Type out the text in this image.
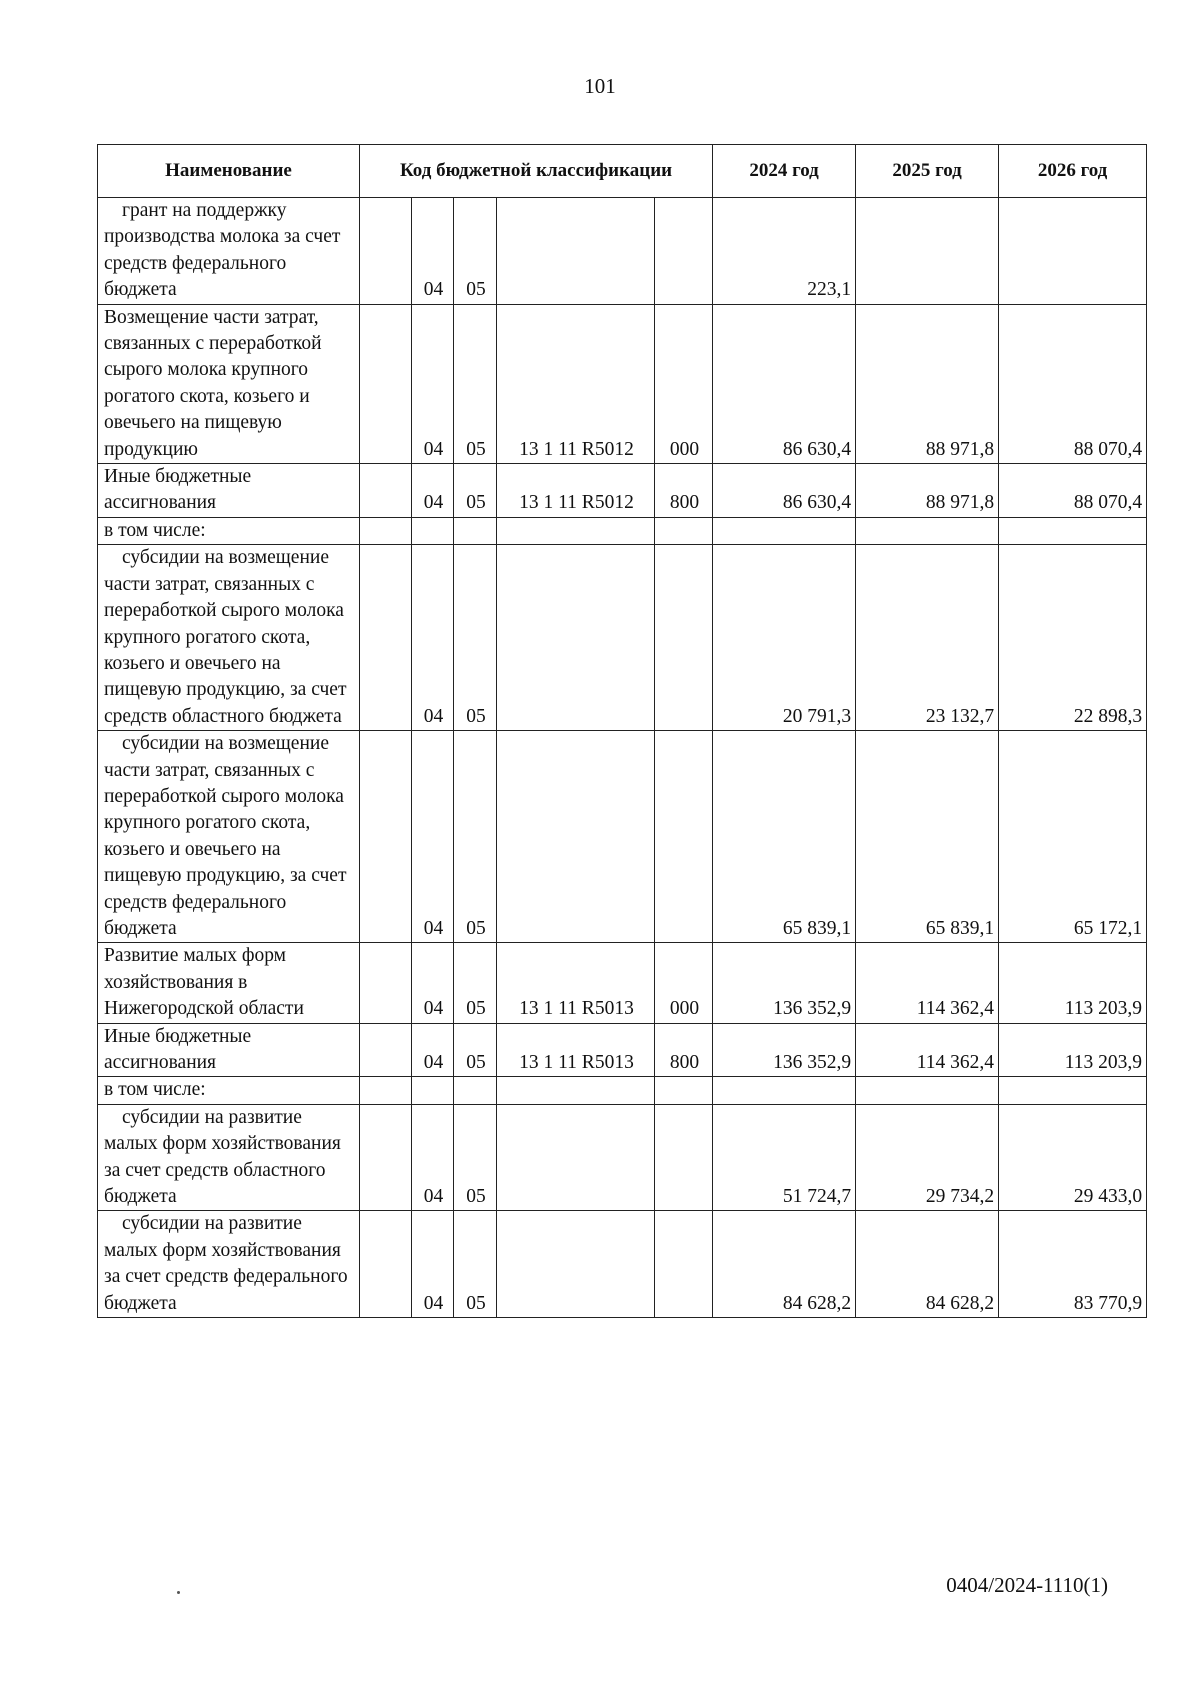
101
Наименование	Код бюджетной классификации					2024 год	2025 год	2026 год
грант на поддержку производства молока за счет средств федерального бюджета		04	05			223,1		
Возмещение части затрат, связанных с переработкой сырого молока крупного рогатого скота, козьего и овечьего на пищевую продукцию		04	05	13 1 11 R5012	000	86 630,4	88 971,8	88 070,4
Иные бюджетные ассигнования		04	05	13 1 11 R5012	800	86 630,4	88 971,8	88 070,4
в том числе:								
субсидии на возмещение части затрат, связанных с переработкой сырого молока крупного рогатого скота, козьего и овечьего на пищевую продукцию, за счет средств областного бюджета		04	05			20 791,3	23 132,7	22 898,3
субсидии на возмещение части затрат, связанных с переработкой сырого молока крупного рогатого скота, козьего и овечьего на пищевую продукцию, за счет средств федерального бюджета		04	05			65 839,1	65 839,1	65 172,1
Развитие малых форм хозяйствования в Нижегородской области		04	05	13 1 11 R5013	000	136 352,9	114 362,4	113 203,9
Иные бюджетные ассигнования		04	05	13 1 11 R5013	800	136 352,9	114 362,4	113 203,9
в том числе:								
субсидии на развитие малых форм хозяйствования за счет средств областного бюджета		04	05			51 724,7	29 734,2	29 433,0
субсидии на развитие малых форм хозяйствования за счет средств федерального бюджета		04	05			84 628,2	84 628,2	83 770,9
0404/2024-1110(1)
